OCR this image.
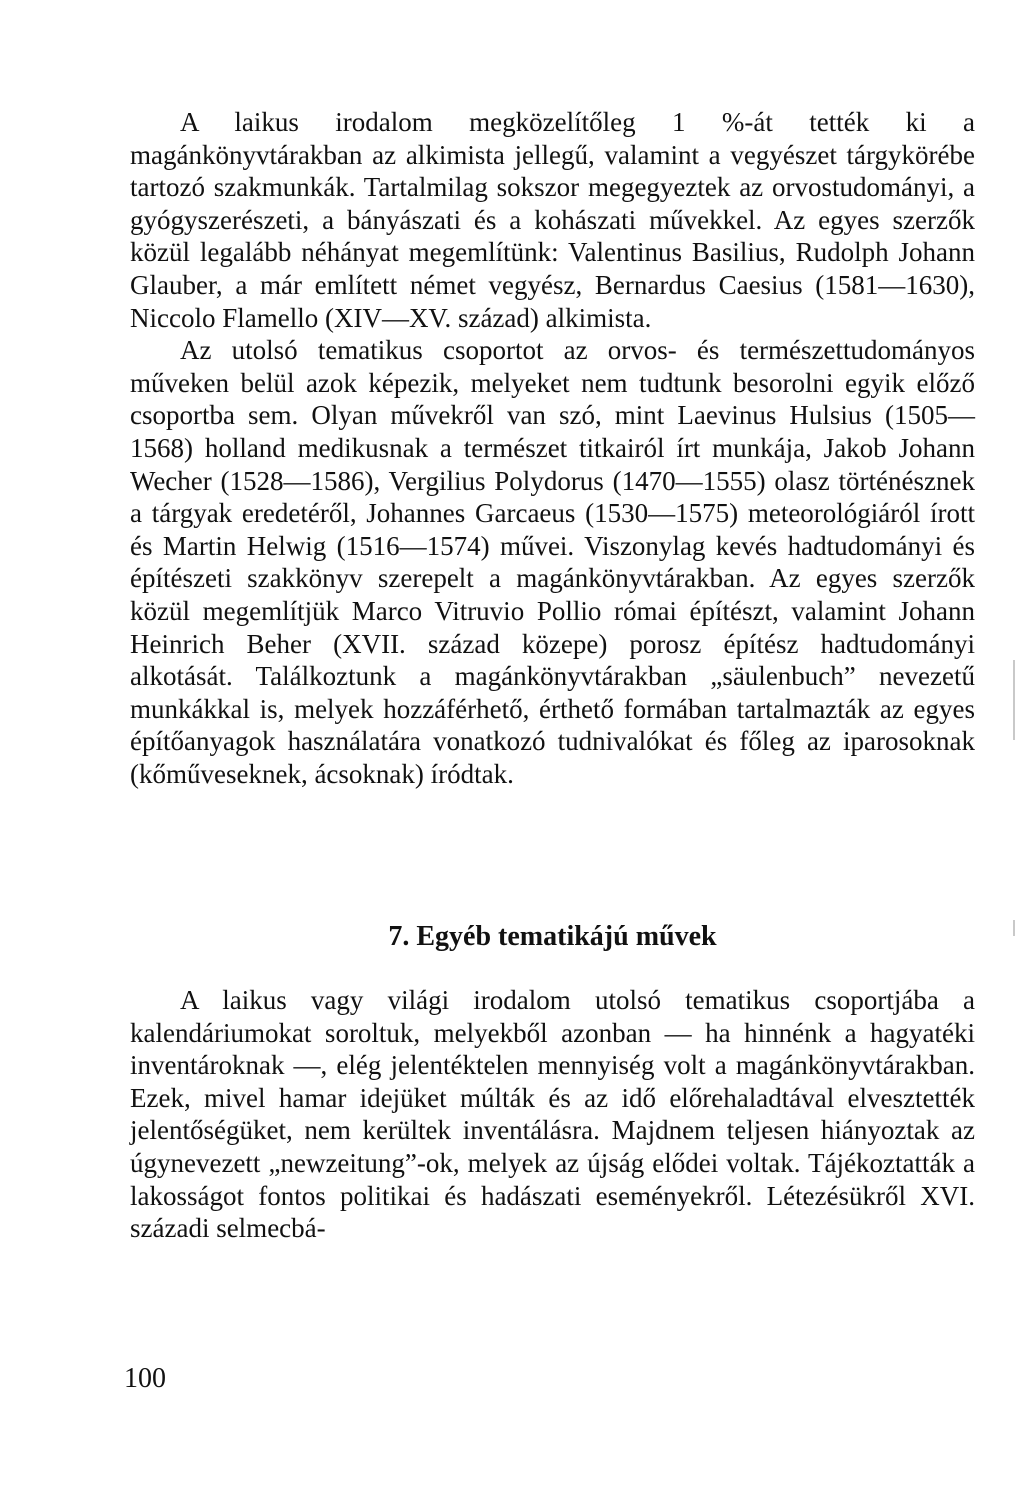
A laikus irodalom megközelítőleg 1 %-át tették ki a magánkönyvtárakban az alkimista jellegű, valamint a vegyészet tárgykörébe tartozó szakmunkák. Tartalmilag sokszor megegyeztek az orvostudományi, a gyógyszerészeti, a bányászati és a kohászati művekkel. Az egyes szerzők közül legalább néhányat megemlítünk: Valentinus Basilius, Rudolph Johann Glauber, a már említett német vegyész, Bernardus Caesius (1581—1630), Niccolo Flamello (XIV—XV. század) alkimista.

Az utolsó tematikus csoportot az orvos- és természettudományos műveken belül azok képezik, melyeket nem tudtunk besorolni egyik előző csoportba sem. Olyan művekről van szó, mint Laevinus Hulsius (1505—1568) holland medikusnak a természet titkairól írt munkája, Jakob Johann Wecher (1528—1586), Vergilius Polydorus (1470—1555) olasz történésznek a tárgyak eredetéről, Johannes Garcaeus (1530—1575) meteorológiáról írott és Martin Helwig (1516—1574) művei. Viszonylag kevés hadtudományi és építészeti szakkönyv szerepelt a magánkönyvtárakban. Az egyes szerzők közül megemlítjük Marco Vitruvio Pollio római építészt, valamint Johann Heinrich Beher (XVII. század közepe) porosz építész hadtudományi alkotását. Találkoztunk a magánkönyvtárakban „säulenbuch” nevezetű munkákkal is, melyek hozzáférhető, érthető formában tartalmazták az egyes építőanyagok használatára vonatkozó tudnivalókat és főleg az iparosoknak (kőműveseknek, ácsoknak) íródtak.

7. Egyéb tematikájú művek

A laikus vagy világi irodalom utolsó tematikus csoportjába a kalendáriumokat soroltuk, melyekből azonban — ha hinnénk a hagyatéki inventároknak —, elég jelentéktelen mennyiség volt a magánkönyvtárakban. Ezek, mivel hamar idejüket múlták és az idő előrehaladtával elvesztették jelentőségüket, nem kerültek inventálásra. Majdnem teljesen hiányoztak az úgynevezett „newzeitung”-ok, melyek az újság elődei voltak. Tájékoztatták a lakosságot fontos politikai és hadászati eseményekről. Létezésükről XVI. századi selmecbá-

100
